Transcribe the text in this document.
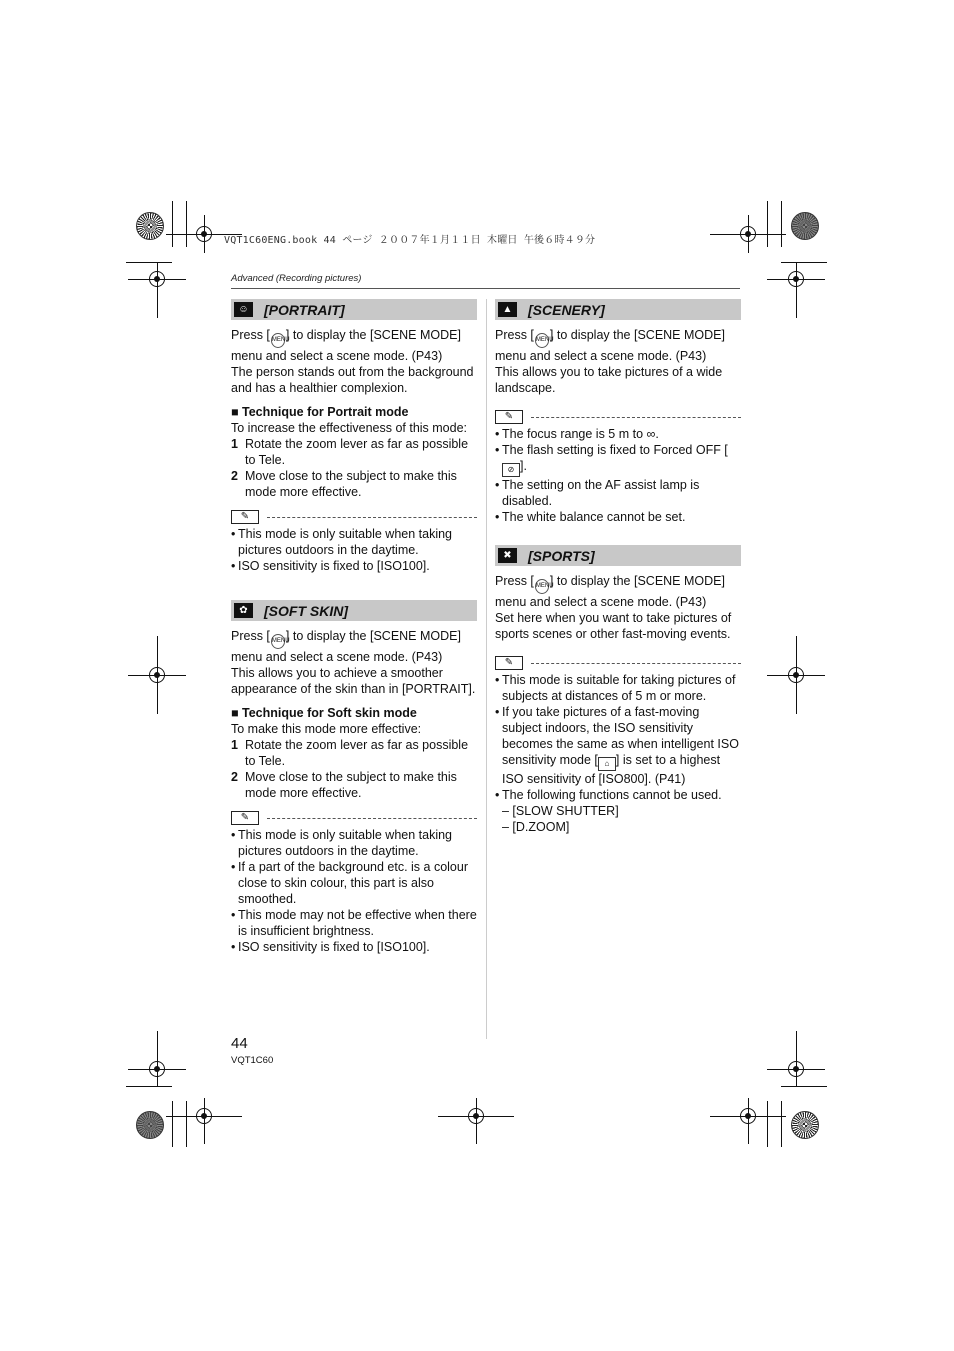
VQT1C60ENG.book 44 ページ ２００７年１月１１日 木曜日 午後６時４９分
Advanced (Recording pictures)
☺	[PORTRAIT]

Press [ MENU] to display the [SCENE MODE] menu and select a scene mode. (P43)

The person stands out from the background and has a healthier complexion.

■ Technique for Portrait mode

To increase the effectiveness of this mode:

1 Rotate the zoom lever as far as possible to Tele.
2 Move close to the subject to make this mode more effective.
✎
• This mode is only suitable when taking pictures outdoors in the daytime.
• ISO sensitivity is fixed to [ISO100].
✿	[SOFT SKIN]

Press [ MENU] to display the [SCENE MODE] menu and select a scene mode. (P43)

This allows you to achieve a smoother appearance of the skin than in [PORTRAIT].

■ Technique for Soft skin mode

To make this mode more effective:

1 Rotate the zoom lever as far as possible to Tele.
2 Move close to the subject to make this mode more effective.
✎
• This mode is only suitable when taking pictures outdoors in the daytime.
• If a part of the background etc. is a colour close to skin colour, this part is also smoothed.
• This mode may not be effective when there is insufficient brightness.
• ISO sensitivity is fixed to [ISO100].
▲	[SCENERY]

Press [ MENU] to display the [SCENE MODE] menu and select a scene mode. (P43)

This allows you to take pictures of a wide landscape.

✎
• The focus range is 5 m to ∞.
• The flash setting is fixed to Forced OFF [⊘ ].
• The setting on the AF assist lamp is disabled.
• The white balance cannot be set.
✖	[SPORTS]

Press [ MENU] to display the [SCENE MODE] menu and select a scene mode. (P43)

Set here when you want to take pictures of sports scenes or other fast-moving events.

✎
• This mode is suitable for taking pictures of subjects at distances of 5 m or more.
• If you take pictures of a fast-moving subject indoors, the ISO sensitivity becomes the same as when intelligent ISO sensitivity mode [ ⌂ ] is set to a highest ISO sensitivity of [ISO800]. (P41)
• The following functions cannot be used.
– [SLOW SHUTTER]
– [D.ZOOM]
44
VQT1C60
